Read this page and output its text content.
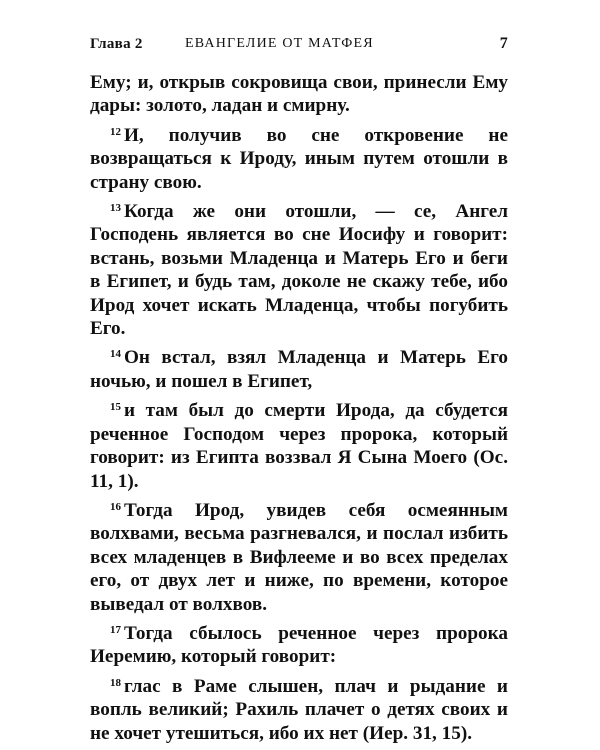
Глава 2	ЕВАНГЕЛИЕ ОТ МАТФЕЯ	7

Ему; и, открыв сокровища свои, принесли Ему дары: золото, ладан и смирну.

$^{12}$ И, получив во сне откровение не возвращаться к Ироду, иным путем отошли в страну свою.

$^{13}$ Когда же они отошли, — се, Ангел Господень является во сне Иосифу и говорит: встань, возьми Младенца и Матерь Его и беги в Египет, и будь там, доколе не скажу тебе, ибо Ирод хочет искать Младенца, чтобы погубить Его.

$^{14}$ Он встал, взял Младенца и Матерь Его ночью, и пошел в Египет,

$^{15}$ и там был до смерти Ирода, да сбудется реченное Господом через пророка, который говорит: из Египта воззвал Я Сына Моего (Ос. 11, 1).

$^{16}$ Тогда Ирод, увидев себя осмеянным волхвами, весьма разгневался, и послал избить всех младенцев в Вифлееме и во всех пределах его, от двух лет и ниже, по времени, которое выведал от волхвов.

$^{17}$ Тогда сбылось реченное через пророка Иеремию, который говорит:

$^{18}$ глас в Раме слышен, плач и рыдание и вопль великий; Рахиль плачет о детях своих и не хочет утешиться, ибо их нет (Иер. 31, 15).
